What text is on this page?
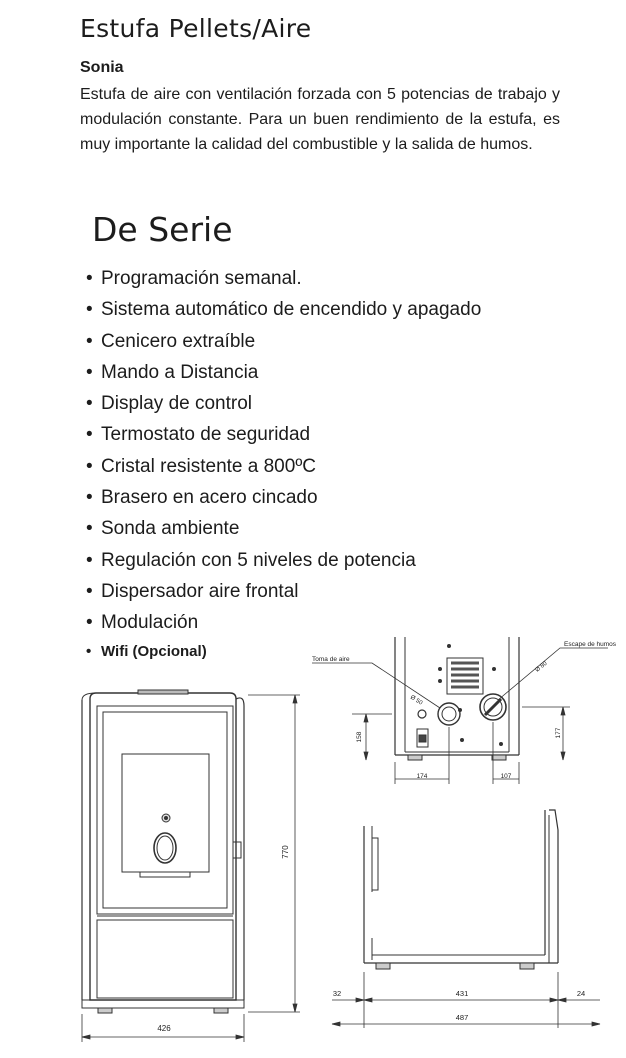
Estufa Pellets/Aire

Sonia

Estufa de aire con ventilación forzada con 5 potencias de trabajo y modulación constante. Para un buen rendimiento de la estufa, es muy importante la calidad del combustible y la salida de humos.

De Serie
• Programación semanal.
• Sistema automático de encendido y apagado
• Cenicero extraíble
• Mando a Distancia
• Display de control
• Termostato de seguridad
• Cristal resistente a 800ºC
• Brasero en acero cincado
• Sonda ambiente
• Regulación con 5 niveles de potencia
• Dispersador aire frontal
• Modulación
• Wifi (Opcional)
770
426
Toma de aire
Escape de humos
Ø 50
Ø 80
158	177
174	107
32	431	24
487
